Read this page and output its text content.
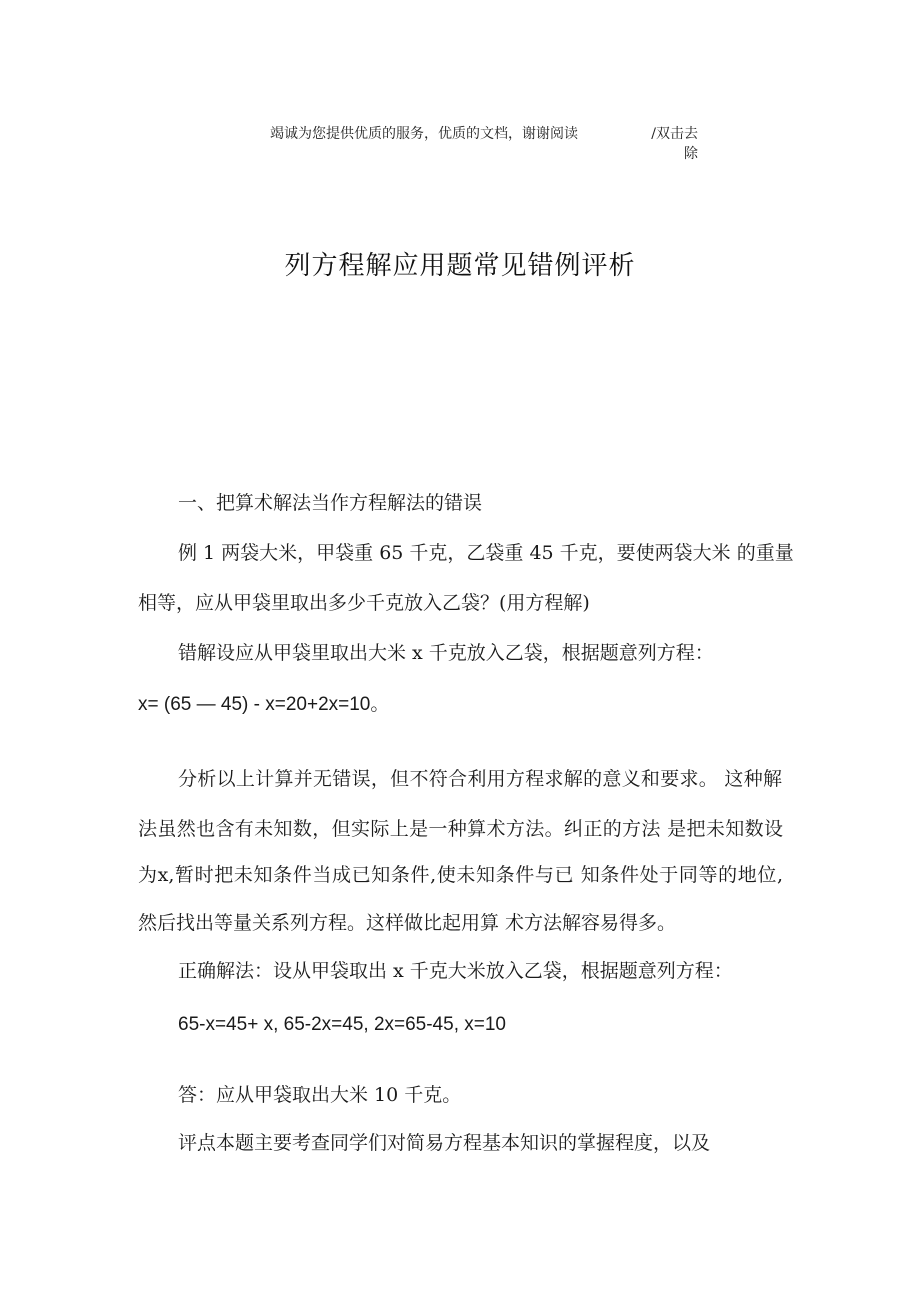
竭诚为您提供优质的服务，优质的文档，谢谢阅读	/双击去
除
列方程解应用题常见错例评析
一、把算术解法当作方程解法的错误
例 1 两袋大米，甲袋重 65 千克，乙袋重 45 千克，要使两袋大米 的重量
相等，应从甲袋里取出多少千克放入乙袋？(用方程解)
错解设应从甲袋里取出大米 x 千克放入乙袋，根据题意列方程：
x= (65 — 45) - x=20+2x=10。
分析以上计算并无错误，但不符合利用方程求解的意义和要求。 这种解
法虽然也含有未知数，但实际上是一种算术方法。纠正的方法 是把未知数设
为x,暂时把未知条件当成已知条件,使未知条件与已 知条件处于同等的地位,
然后找出等量关系列方程。这样做比起用算 术方法解容易得多。
正确解法：设从甲袋取出 x 千克大米放入乙袋，根据题意列方程：
65-x=45+ x, 65-2x=45, 2x=65-45, x=10
答：应从甲袋取出大米 10 千克。
评点本题主要考查同学们对简易方程基本知识的掌握程度，以及
